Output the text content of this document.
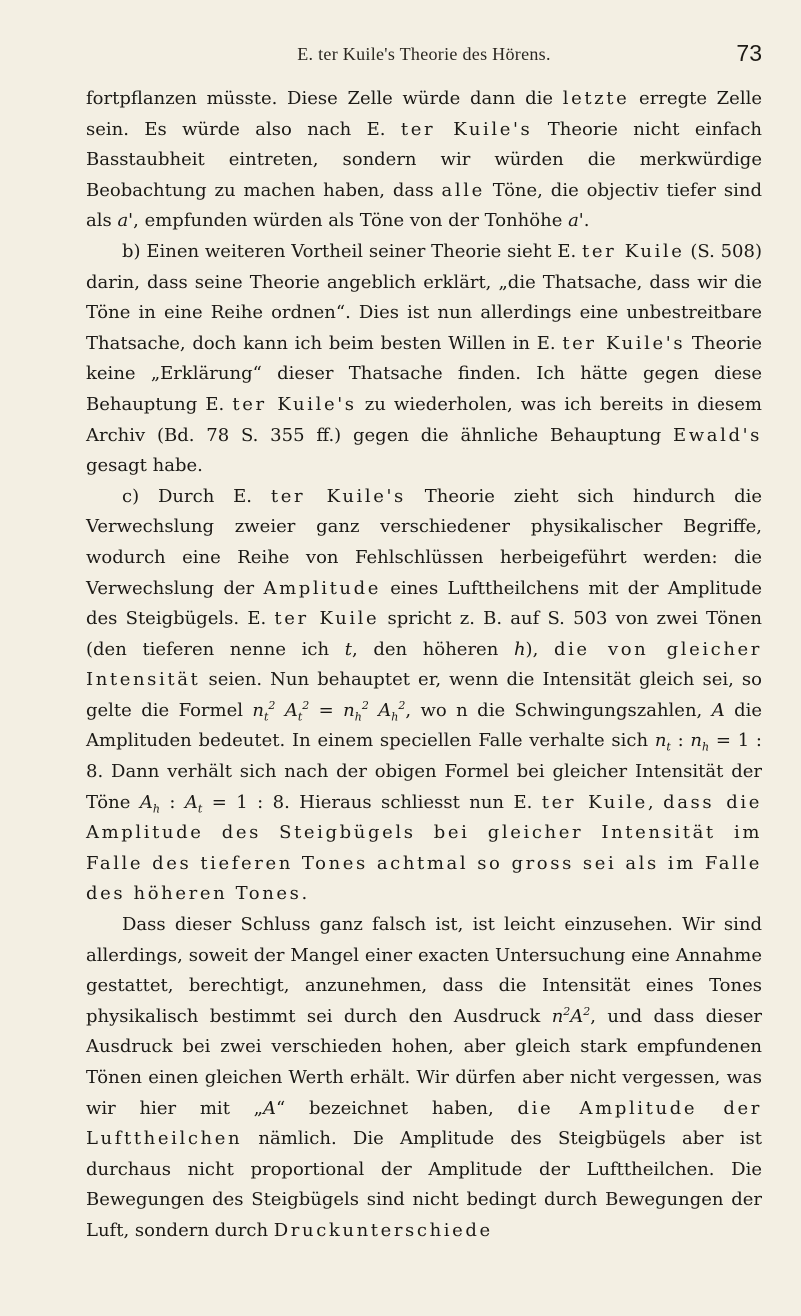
E. ter Kuile's Theorie des Hörens.	73

fortpflanzen müsste. Diese Zelle würde dann die letzte erregte Zelle sein. Es würde also nach E. ter Kuile's Theorie nicht einfach Basstaubheit eintreten, sondern wir würden die merkwürdige Beobachtung zu machen haben, dass alle Töne, die objectiv tiefer sind als a', empfunden würden als Töne von der Tonhöhe a'.

b) Einen weiteren Vortheil seiner Theorie sieht E. ter Kuile (S. 508) darin, dass seine Theorie angeblich erklärt, „die Thatsache, dass wir die Töne in eine Reihe ordnen“. Dies ist nun allerdings eine unbestreitbare Thatsache, doch kann ich beim besten Willen in E. ter Kuile's Theorie keine „Erklärung“ dieser Thatsache finden. Ich hätte gegen diese Behauptung E. ter Kuile's zu wiederholen, was ich bereits in diesem Archiv (Bd. 78 S. 355 ff.) gegen die ähnliche Behauptung Ewald's gesagt habe.

c) Durch E. ter Kuile's Theorie zieht sich hindurch die Verwechslung zweier ganz verschiedener physikalischer Begriffe, wodurch eine Reihe von Fehlschlüssen herbeigeführt werden: die Verwechslung der Amplitude eines Lufttheilchens mit der Amplitude des Steigbügels. E. ter Kuile spricht z. B. auf S. 503 von zwei Tönen (den tieferen nenne ich t, den höheren h), die von gleicher Intensität seien. Nun behauptet er, wenn die Intensität gleich sei, so gelte die Formel $n_t^2$ $A_t^2 = n_h^2$ $A_h^2$, wo n die Schwingungszahlen, A die Amplituden bedeutet. In einem speciellen Falle verhalte sich $n_t$ : $n_h = 1$ : 8. Dann verhält sich nach der obigen Formel bei gleicher Intensität der Töne $A_h$ : $A_t = 1$ : 8. Hieraus schliesst nun E. ter Kuile, dass die Amplitude des Steigbügels bei gleicher Intensität im Falle des tieferen Tones achtmal so gross sei als im Falle des höheren Tones.

Dass dieser Schluss ganz falsch ist, ist leicht einzusehen. Wir sind allerdings, soweit der Mangel einer exacten Untersuchung eine Annahme gestattet, berechtigt, anzunehmen, dass die Intensität eines Tones physikalisch bestimmt sei durch den Ausdruck $n^2A^2$, und dass dieser Ausdruck bei zwei verschieden hohen, aber gleich stark empfundenen Tönen einen gleichen Werth erhält. Wir dürfen aber nicht vergessen, was wir hier mit „A“ bezeichnet haben, die Amplitude der Lufttheilchen nämlich. Die Amplitude des Steigbügels aber ist durchaus nicht proportional der Amplitude der Lufttheilchen. Die Bewegungen des Steigbügels sind nicht bedingt durch Bewegungen der Luft, sondern durch Druckunterschiede
